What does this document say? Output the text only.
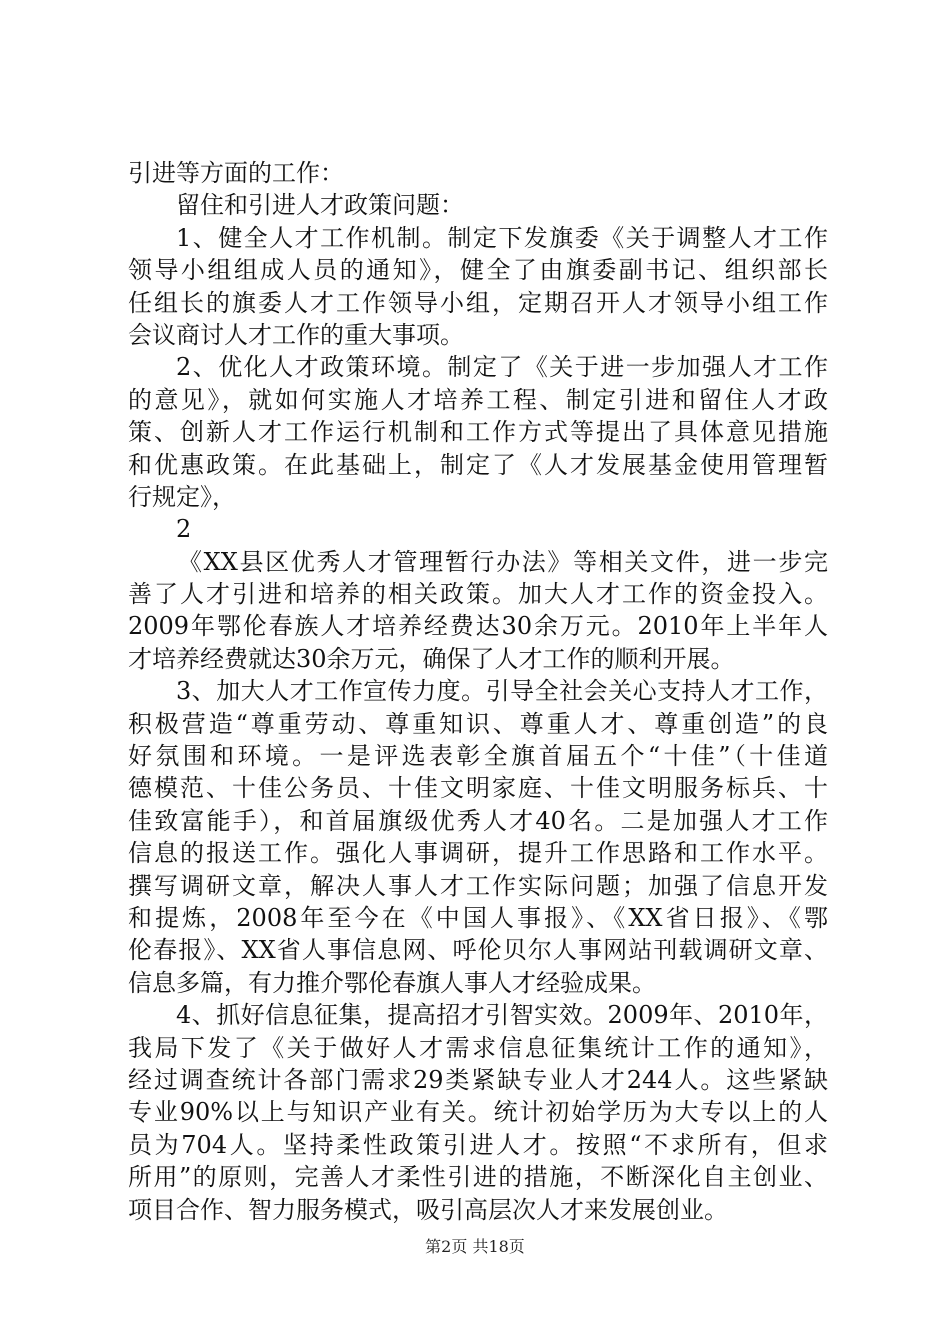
引进等方面的工作：
留住和引进人才政策问题：
1、健全人才工作机制。制定下发旗委《关于调整人才工作
领导小组组成人员的通知》，健全了由旗委副书记、组织部长
任组长的旗委人才工作领导小组，定期召开人才领导小组工作
会议商讨人才工作的重大事项。
2、优化人才政策环境。制定了《关于进一步加强人才工作
的意见》，就如何实施人才培养工程、制定引进和留住人才政
策、创新人才工作运行机制和工作方式等提出了具体意见措施
和优惠政策。在此基础上，制定了《人才发展基金使用管理暂
行规定》，
2
《XX县区优秀人才管理暂行办法》等相关文件，进一步完
善了人才引进和培养的相关政策。加大人才工作的资金投入。
2009年鄂伦春族人才培养经费达30余万元。2010年上半年人
才培养经费就达30余万元，确保了人才工作的顺利开展。
3、加大人才工作宣传力度。引导全社会关心支持人才工作，
积极营造“尊重劳动、尊重知识、尊重人才、尊重创造”的良
好氛围和环境。一是评选表彰全旗首届五个“十佳”（十佳道
德模范、十佳公务员、十佳文明家庭、十佳文明服务标兵、十
佳致富能手），和首届旗级优秀人才40名。二是加强人才工作
信息的报送工作。强化人事调研，提升工作思路和工作水平。
撰写调研文章，解决人事人才工作实际问题；加强了信息开发
和提炼，2008年至今在《中国人事报》、《XX省日报》、《鄂
伦春报》、XX省人事信息网、呼伦贝尔人事网站刊载调研文章、
信息多篇，有力推介鄂伦春旗人事人才经验成果。
4、抓好信息征集，提高招才引智实效。2009年、2010年，
我局下发了《关于做好人才需求信息征集统计工作的通知》，
经过调查统计各部门需求29类紧缺专业人才244人。这些紧缺
专业90%以上与知识产业有关。统计初始学历为大专以上的人
员为704人。坚持柔性政策引进人才。按照“不求所有，但求
所用”的原则，完善人才柔性引进的措施，不断深化自主创业、
项目合作、智力服务模式，吸引高层次人才来发展创业。
第2页 共18页
